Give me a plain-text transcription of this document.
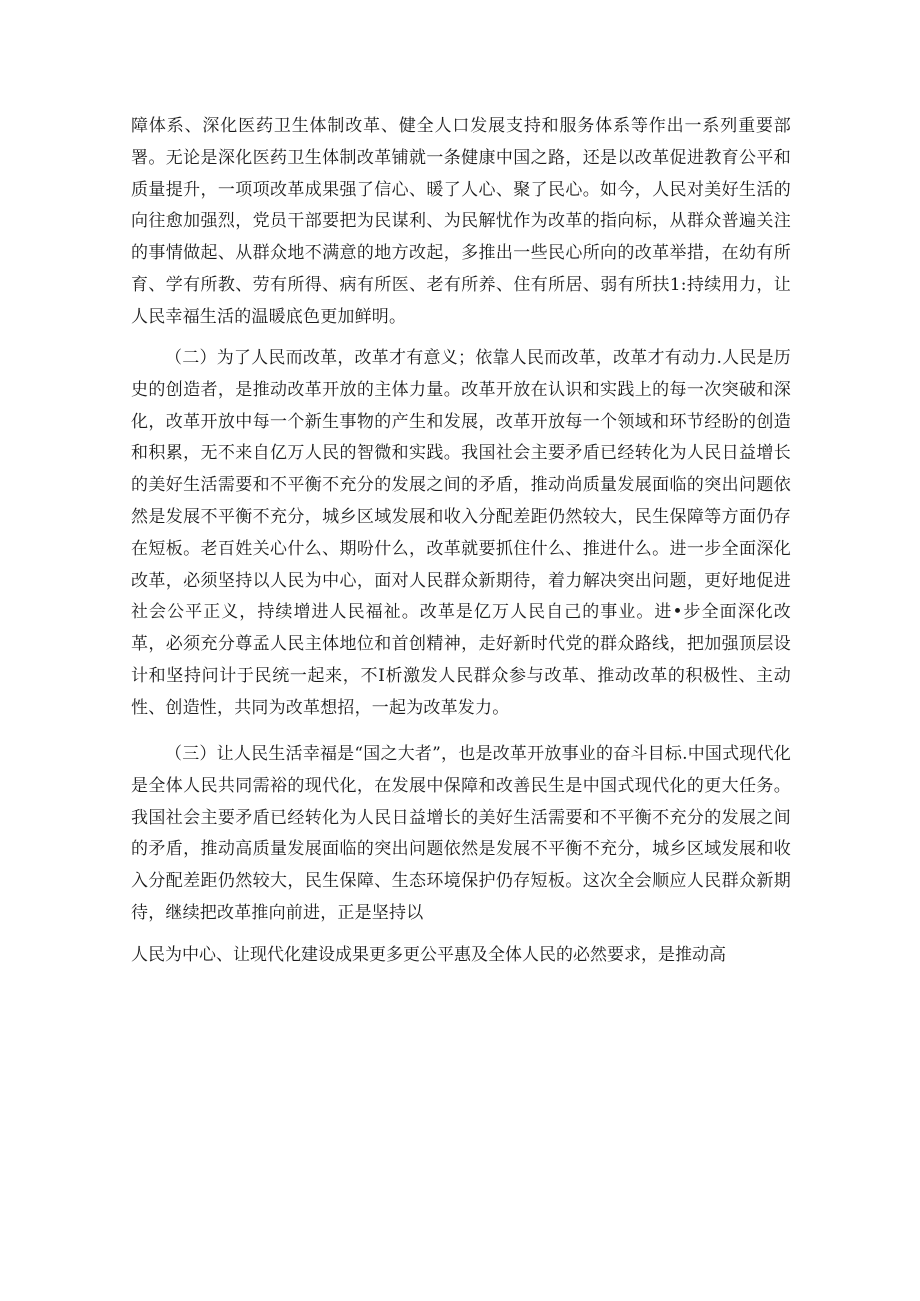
障体系、深化医药卫生体制改革、健全人口发展支持和服务体系等作出一系列重要部署。无论是深化医药卫生体制改革铺就一条健康中国之路，还是以改革促进教育公平和质量提升，一项项改革成果强了信心、暖了人心、聚了民心。如今，人民对美好生活的向往愈加强烈，党员干部要把为民谋利、为民解忧作为改革的指向标，从群众普遍关注的事情做起、从群众地不满意的地方改起，多推出一些民心所向的改革举措，在幼有所育、学有所教、劳有所得、病有所医、老有所养、住有所居、弱有所扶1:持续用力，让人民幸福生活的温暖底色更加鲜明。

（二）为了人民而改革，改革才有意义；依靠人民而改革，改革才有动力.人民是历史的创造者，是推动改革开放的主体力量。改革开放在认识和实践上的每一次突破和深化，改革开放中每一个新生事物的产生和发展，改革开放每一个领域和环节经盼的创造和积累，无不来自亿万人民的智微和实践。我国社会主要矛盾已经转化为人民日益增长的美好生活需要和不平衡不充分的发展之间的矛盾，推动尚质量发展面临的突出问题依然是发展不平衡不充分，城乡区域发展和收入分配差距仍然较大，民生保障等方面仍存在短板。老百姓关心什么、期吩什么，改革就要抓住什么、推进什么。进一步全面深化改革，必须坚持以人民为中心，面对人民群众新期待，着力解决突出问题，更好地促进社会公平正义，持续增进人民福祉。改革是亿万人民自己的事业。进•步全面深化改革，必须充分尊孟人民主体地位和首创精神，走好新时代党的群众路线，把加强顶层设计和坚持问计于民统一起来，不I析激发人民群众参与改革、推动改革的积极性、主动性、创造性，共同为改革想招，一起为改革发力。

（三）让人民生活幸福是“国之大者”，也是改革开放事业的奋斗目标.中国式现代化是全体人民共同需裕的现代化，在发展中保障和改善民生是中国式现代化的更大任务。我国社会主要矛盾已经转化为人民日益增长的美好生活需要和不平衡不充分的发展之间的矛盾，推动高质量发展面临的突出问题依然是发展不平衡不充分，城乡区域发展和收入分配差距仍然较大，民生保障、生态环境保护仍存短板。这次全会顺应人民群众新期待，继续把改革推向前进，正是坚持以

人民为中心、让现代化建设成果更多更公平惠及全体人民的必然要求，是推动高
